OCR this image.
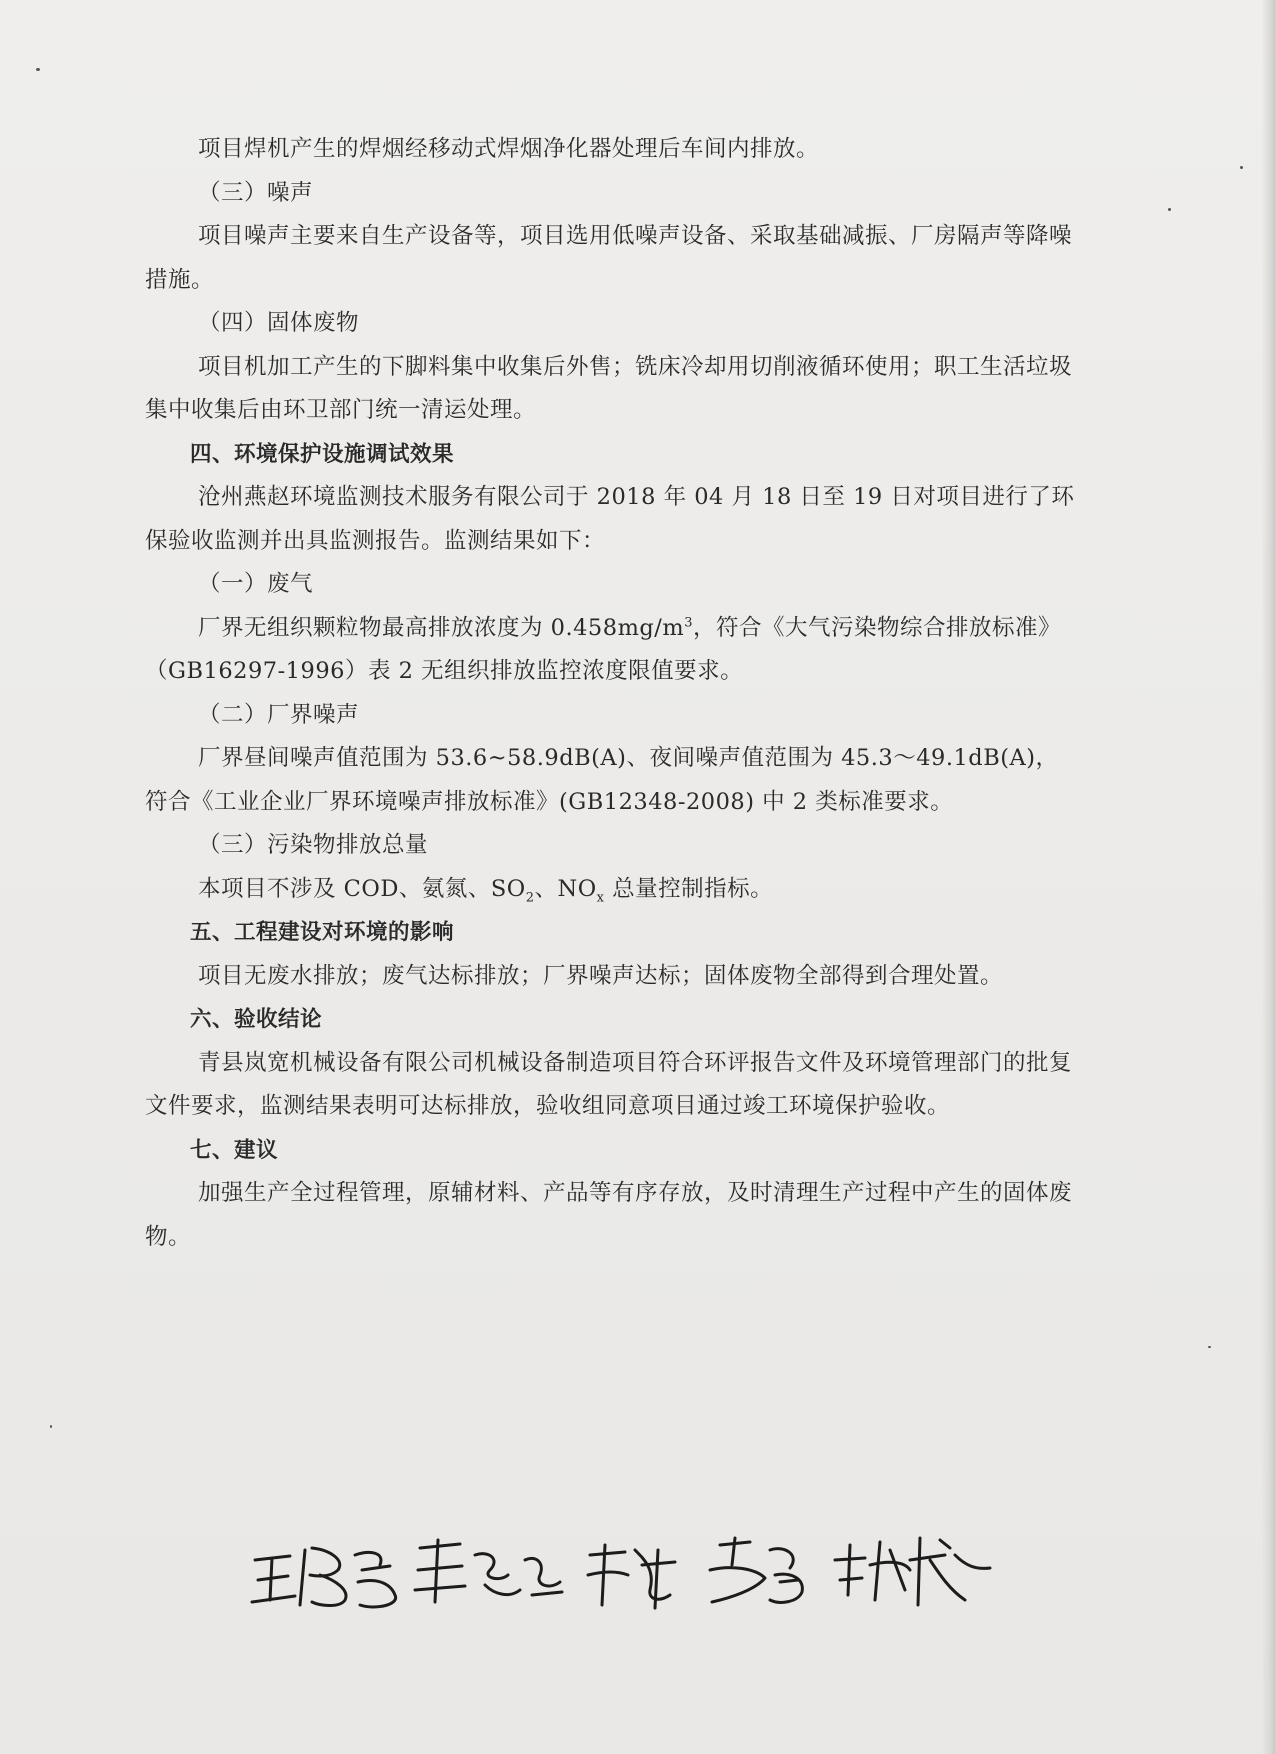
项目焊机产生的焊烟经移动式焊烟净化器处理后车间内排放。

（三）噪声

项目噪声主要来自生产设备等，项目选用低噪声设备、采取基础减振、厂房隔声等降噪措施。

（四）固体废物

项目机加工产生的下脚料集中收集后外售；铣床冷却用切削液循环使用；职工生活垃圾集中收集后由环卫部门统一清运处理。

四、环境保护设施调试效果

沧州燕赵环境监测技术服务有限公司于 2018 年 04 月 18 日至 19 日对项目进行了环保验收监测并出具监测报告。监测结果如下：

（一）废气

厂界无组织颗粒物最高排放浓度为 $0.458mg/m^3$，符合《大气污染物综合排放标准》（GB16297-1996）表 2 无组织排放监控浓度限值要求。

（二）厂界噪声

厂界昼间噪声值范围为 53.6~58.9dB(A)、夜间噪声值范围为 45.3～49.1dB(A)，符合《工业企业厂界环境噪声排放标准》(GB12348-2008) 中 2 类标准要求。

（三）污染物排放总量

本项目不涉及 COD、氨氮、$SO_2$、$NO_x$ 总量控制指标。

五、工程建设对环境的影响

项目无废水排放；废气达标排放；厂界噪声达标；固体废物全部得到合理处置。

六、验收结论

青县岚宽机械设备有限公司机械设备制造项目符合环评报告文件及环境管理部门的批复文件要求，监测结果表明可达标排放，验收组同意项目通过竣工环境保护验收。

七、建议

加强生产全过程管理，原辅材料、产品等有序存放，及时清理生产过程中产生的固体废物。
